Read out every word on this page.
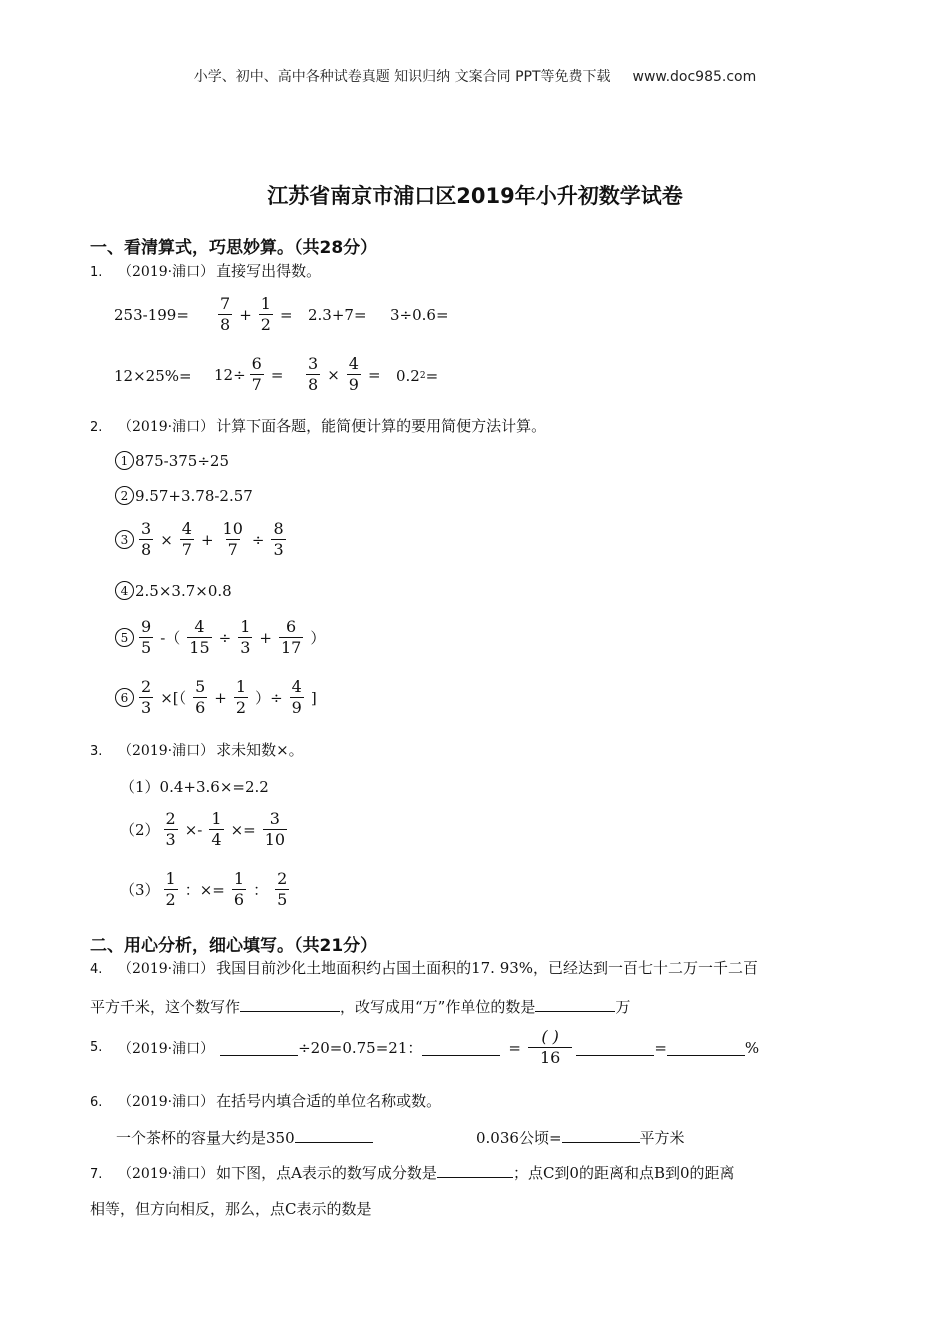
小学、初中、高中各种试卷真题 知识归纳 文案合同 PPT等免费下载 www.doc985.com
江苏省南京市浦口区2019年小升初数学试卷
一、看清算式，巧思妙算。（共28分）
1. （2019·浦口） 直接写出得数。
$253-199= \frac{7}{8} + \frac{1}{2} = 2.3+7= 3\div 0.6=$
$12\times 25\%= 12\div \frac{6}{7} = \frac{3}{8} \times \frac{4}{9} = 0.2$ 2 =
2. （2019·浦口） 计算下面各题，能简便计算的要用简便方法计算。
1 875-375÷25
2 9.57+3.78-2.57
$3 \frac{3}{8} \times \frac{4}{7} + \frac{10}{7} \div \frac{8}{3}$
4 2.5×3.7×0.8
$5 \frac{9}{5}$ -（ $\frac{4}{15} \div \frac{1}{3} + \frac{6}{17}$ ）
$6 \frac{2}{3}$ ×[（ $\frac{5}{6} + \frac{1}{2}$ ）÷ $\frac{4}{9}$ ]
3. （2019·浦口） 求未知数×。
（1） 0.4+3.6×=2.2
$(2) \frac{2}{3} \times- \frac{1}{4} \times= \frac{3}{10}$
$(3) \frac{1}{2}$ ：×= $\frac{1}{6}$ ： $\frac{2}{5}$
二、用心分析，细心填写。（共21分）
4. （2019·浦口） 我国目前沙化土地面积约占国土面积的17. 93%，已经达到一百七十二万一千二百
平方千米，这个数写作	，改写成用“万”作单位的数是	万
5.	（2019·浦口）	÷20=0.75=21：	= $\frac{( )}{16}$	=	%
6. （2019·浦口） 在括号内填合适的单位名称或数。
一个茶杯的容量大约是350	0.036公顷=	平方米
7. （2019·浦口） 如下图，点A表示的数写成分数是	；点C到0的距离和点B到0的距离
相等，但方向相反，那么，点C表示的数是
